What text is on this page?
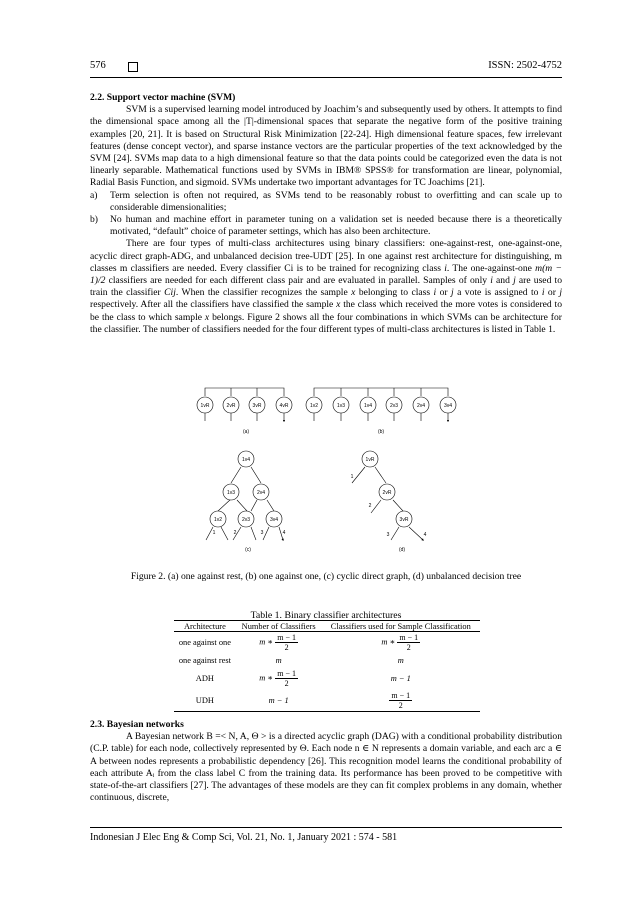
576	ISSN: 2502-4752

2.2. Support vector machine (SVM)

SVM is a supervised learning model introduced by Joachim’s and subsequently used by others. It attempts to find the dimensional space among all the |T|-dimensional spaces that separate the negative form of the positive training examples [20, 21]. It is based on Structural Risk Minimization [22-24]. High dimensional feature spaces, few irrelevant features (dense concept vector), and sparse instance vectors are the particular properties of the text acknowledged by the SVM [24]. SVMs map data to a high dimensional feature so that the data points could be categorized even the data is not linearly separable. Mathematical functions used by SVMs in IBM® SPSS® for transformation are linear, polynomial, Radial Basis Function, and sigmoid. SVMs undertake two important advantages for TC Joachims [21].

a)	Term selection is often not required, as SVMs tend to be reasonably robust to overfitting and can scale up to considerable dimensionalities;
b)	No human and machine effort in parameter tuning on a validation set is needed because there is a theoretically motivated, “default” choice of parameter settings, which has also been architecture.

There are four types of multi-class architectures using binary classifiers: one-against-rest, one-against-one, acyclic direct graph-ADG, and unbalanced decision tree-UDT [25]. In one against rest architecture for distinguishing, m classes m classifiers are needed. Every classifier Ci is to be trained for recognizing class i. The one-against-one m(m − 1)/2 classifiers are needed for each different class pair and are evaluated in parallel. Samples of only i and j are used to train the classifier Cij. When the classifier recognizes the sample x belonging to class i or j a vote is assigned to i or j respectively. After all the classifiers have classified the sample x the class which received the more votes is considered to be the class to which sample x belongs. Figure 2 shows all the four combinations in which SVMs can be architecture for the classifier. The number of classifiers needed for the four different types of multi-class architectures is listed in Table 1.

1vR	2vR	3vR	4vR	1v2	1v3	1v4	2v3	2v4	3v4
(a)	(b)
1v4
1v3	2v4
1v2	2v3	3v4
1	2	3	4
(c)
1vR
2vR
3vR
1
2
3	4
(d)
Figure 2. (a) one against rest, (b) one against one, (c) cyclic direct graph, (d) unbalanced decision tree
Table 1. Binary classifier architectures
Architecture	Number of Classifiers	Classifiers used for Sample Classification
one against one	m ∗ $\frac{m - 1}{2}$	m ∗ $\frac{m - 1}{2}$

one against rest	m	m
ADH	m ∗ $\frac{m - 1}{2}$	m − 1
UDH	m − 1	$\frac{m - 1}{2}$

2.3. Bayesian networks

A Bayesian network B =< N, A, Θ > is a directed acyclic graph (DAG) with a conditional probability distribution (C.P. table) for each node, collectively represented by Θ. Each node n ∈ N represents a domain variable, and each arc a ∈ A between nodes represents a probabilistic dependency [26]. This recognition model learns the conditional probability of each attribute Aᵢ from the class label C from the training data. Its performance has been proved to be competitive with state-of-the-art classifiers [27]. The advantages of these models are they can fit complex problems in any domain, whether continuous, discrete,

Indonesian J Elec Eng & Comp Sci, Vol. 21, No. 1, January 2021 : 574 - 581
